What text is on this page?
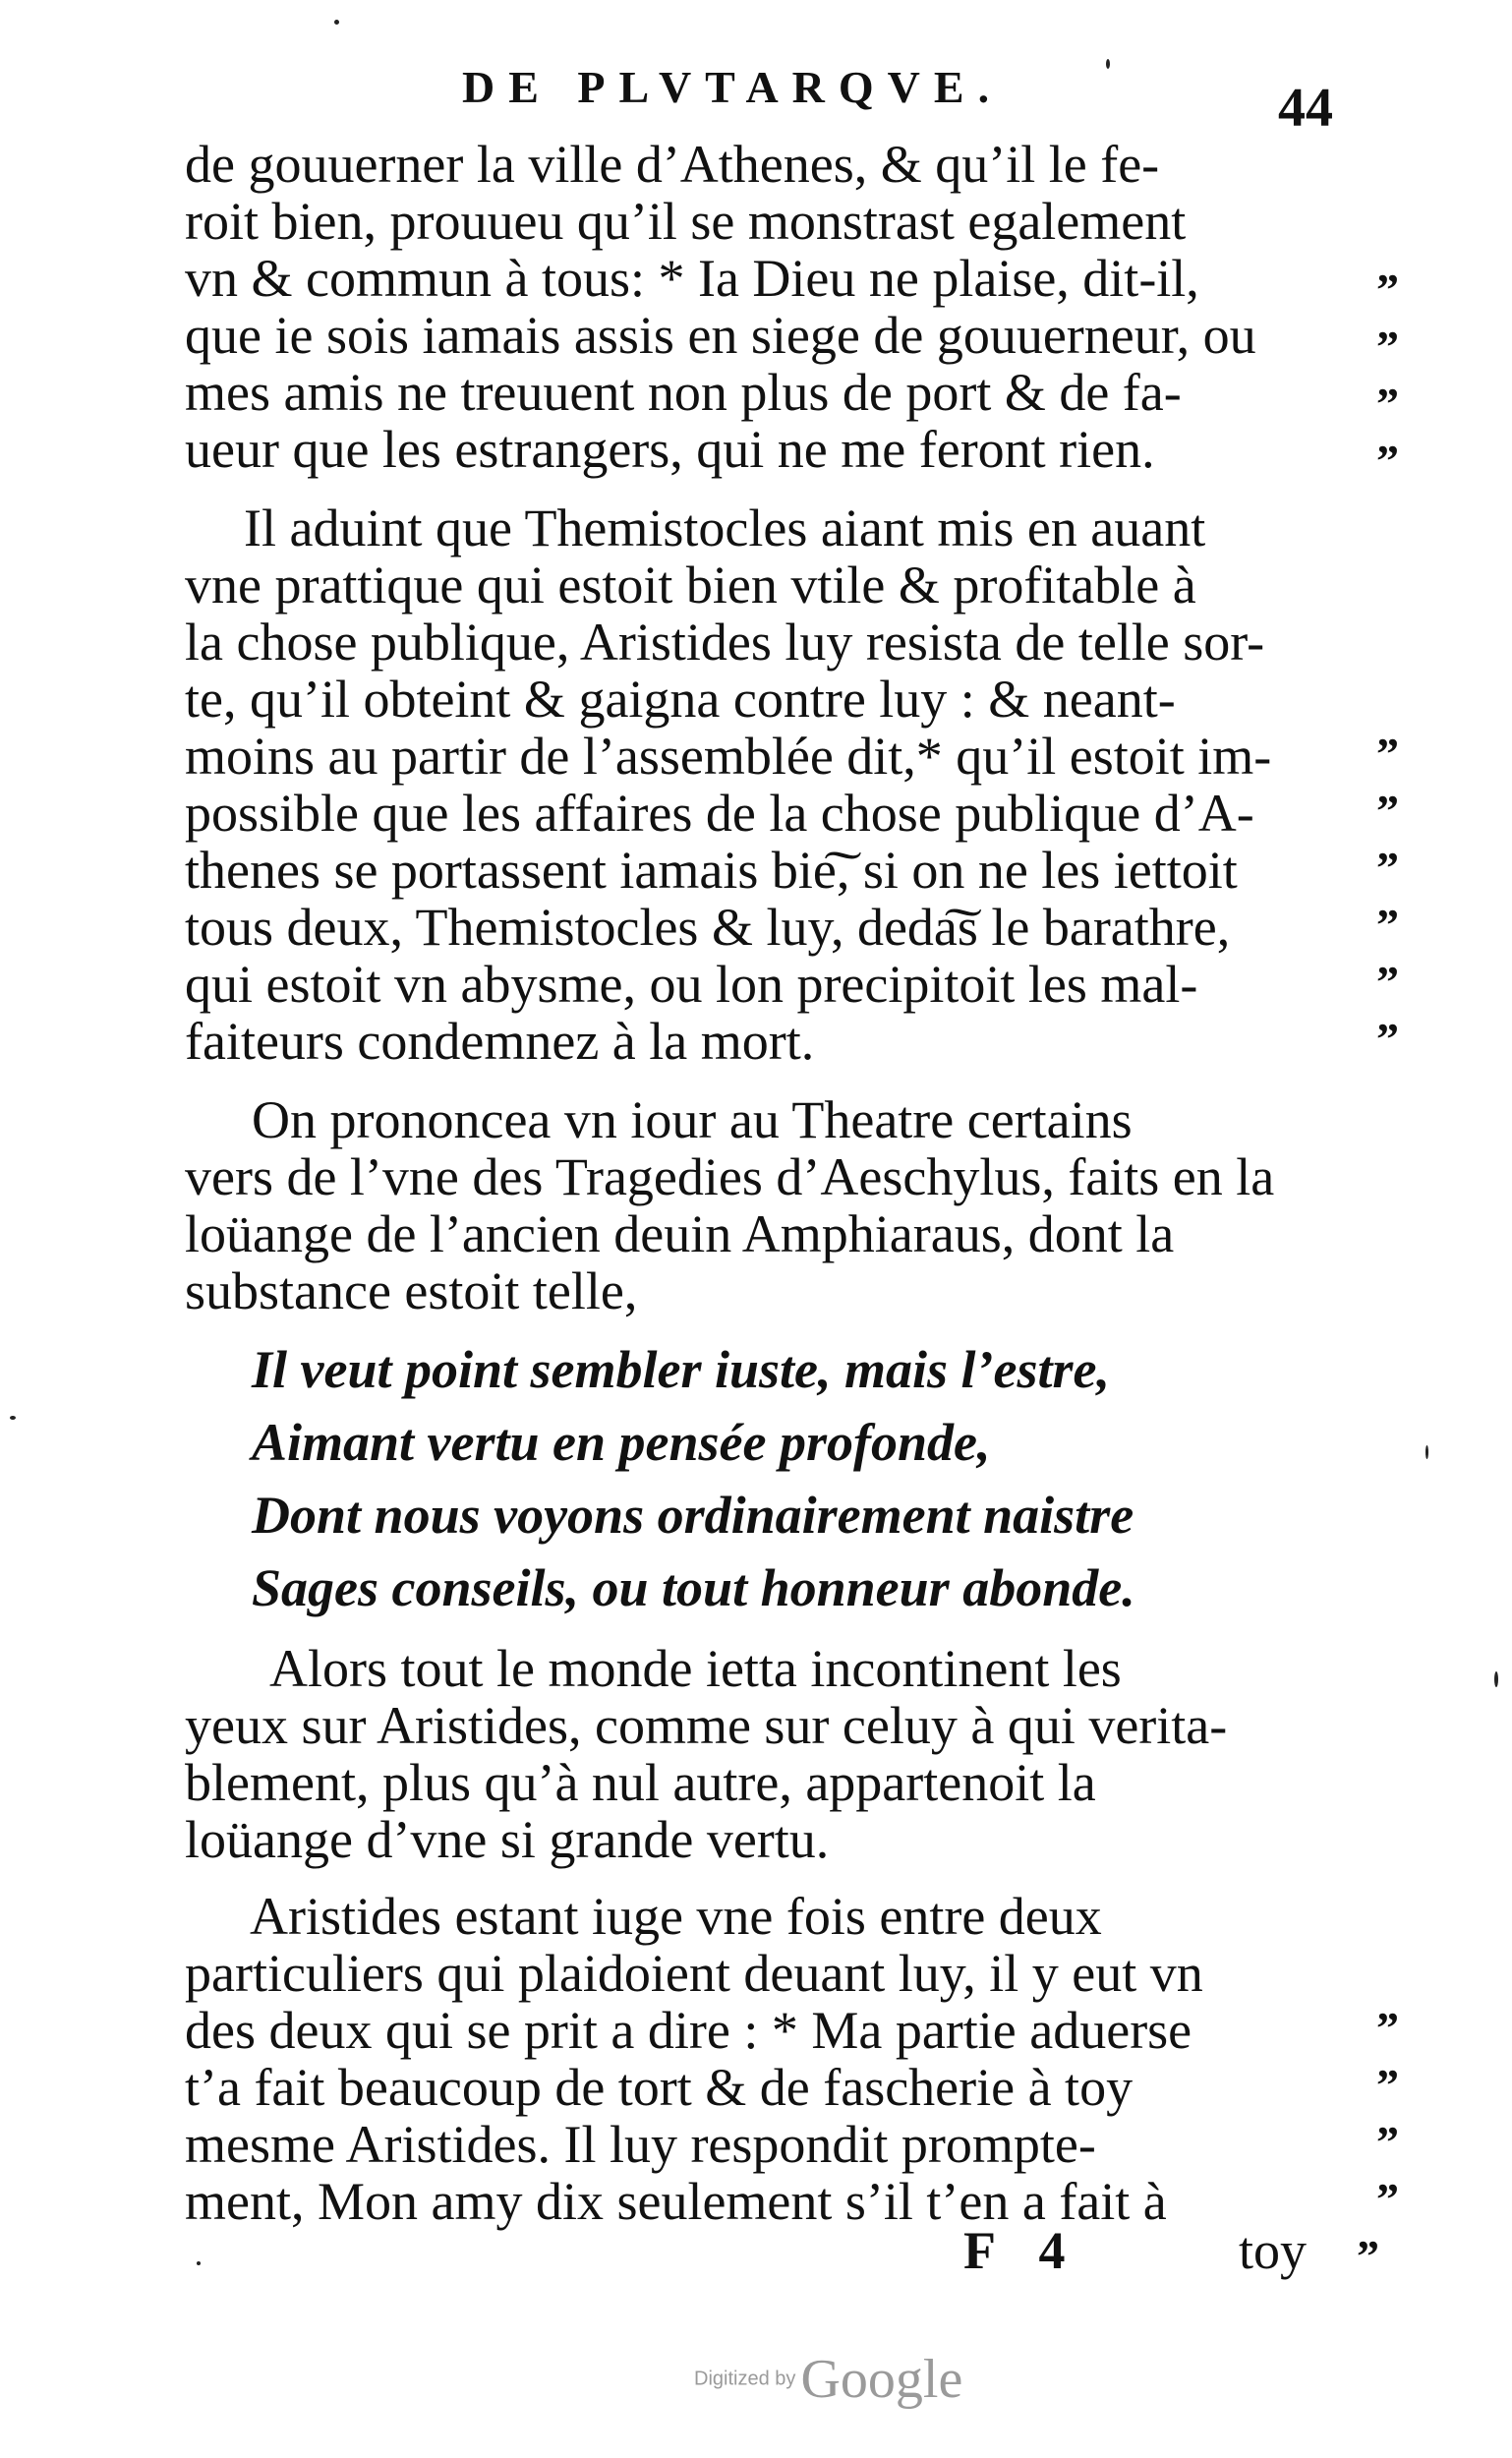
DE PLVTARQVE.	44
de gouuerner la ville d’Athenes, & qu’il le fe-
roit bien, prouueu qu’il se monstrast egalement
vn & commun à tous: * Ia Dieu ne plaise, dit-il,
que ie sois iamais assis en siege de gouuerneur, ou
mes amis ne treuuent non plus de port & de fa-
ueur que les estrangers, qui ne me feront rien.
Il aduint que Themistocles aiant mis en auant
vne prattique qui estoit bien vtile & profitable à
la chose publique, Aristides luy resista de telle sor-
te, qu’il obteint & gaigna contre luy : & neant-
moins au partir de l’assemblée dit,* qu’il estoit im-
possible que les affaires de la chose publique d’A-
thenes se portassent iamais bie͠, si on ne les iettoit
tous deux, Themistocles & luy, deda͠s le barathre,
qui estoit vn abysme, ou lon precipitoit les mal-
faiteurs condemnez à la mort.
On prononcea vn iour au Theatre certains
vers de l’vne des Tragedies d’Aeschylus, faits en la
loüange de l’ancien deuin Amphiaraus, dont la
substance estoit telle,
Il veut point sembler iuste, mais l’estre,
Aimant vertu en pensée profonde,
Dont nous voyons ordinairement naistre
Sages conseils, ou tout honneur abonde.
Alors tout le monde ietta incontinent les
yeux sur Aristides, comme sur celuy à qui verita-
blement, plus qu’à nul autre, appartenoit la
loüange d’vne si grande vertu.
Aristides estant iuge vne fois entre deux
particuliers qui plaidoient deuant luy, il y eut vn
des deux qui se prit a dire : * Ma partie aduerse
t’a fait beaucoup de tort & de fascherie à toy
mesme Aristides. Il luy respondit prompte-
ment, Mon amy dix seulement s’il t’en a fait à
”
”
”
”
”
”
”
”
”
”
”
”
”
”
”
F 4	toy
Digitized by Google
